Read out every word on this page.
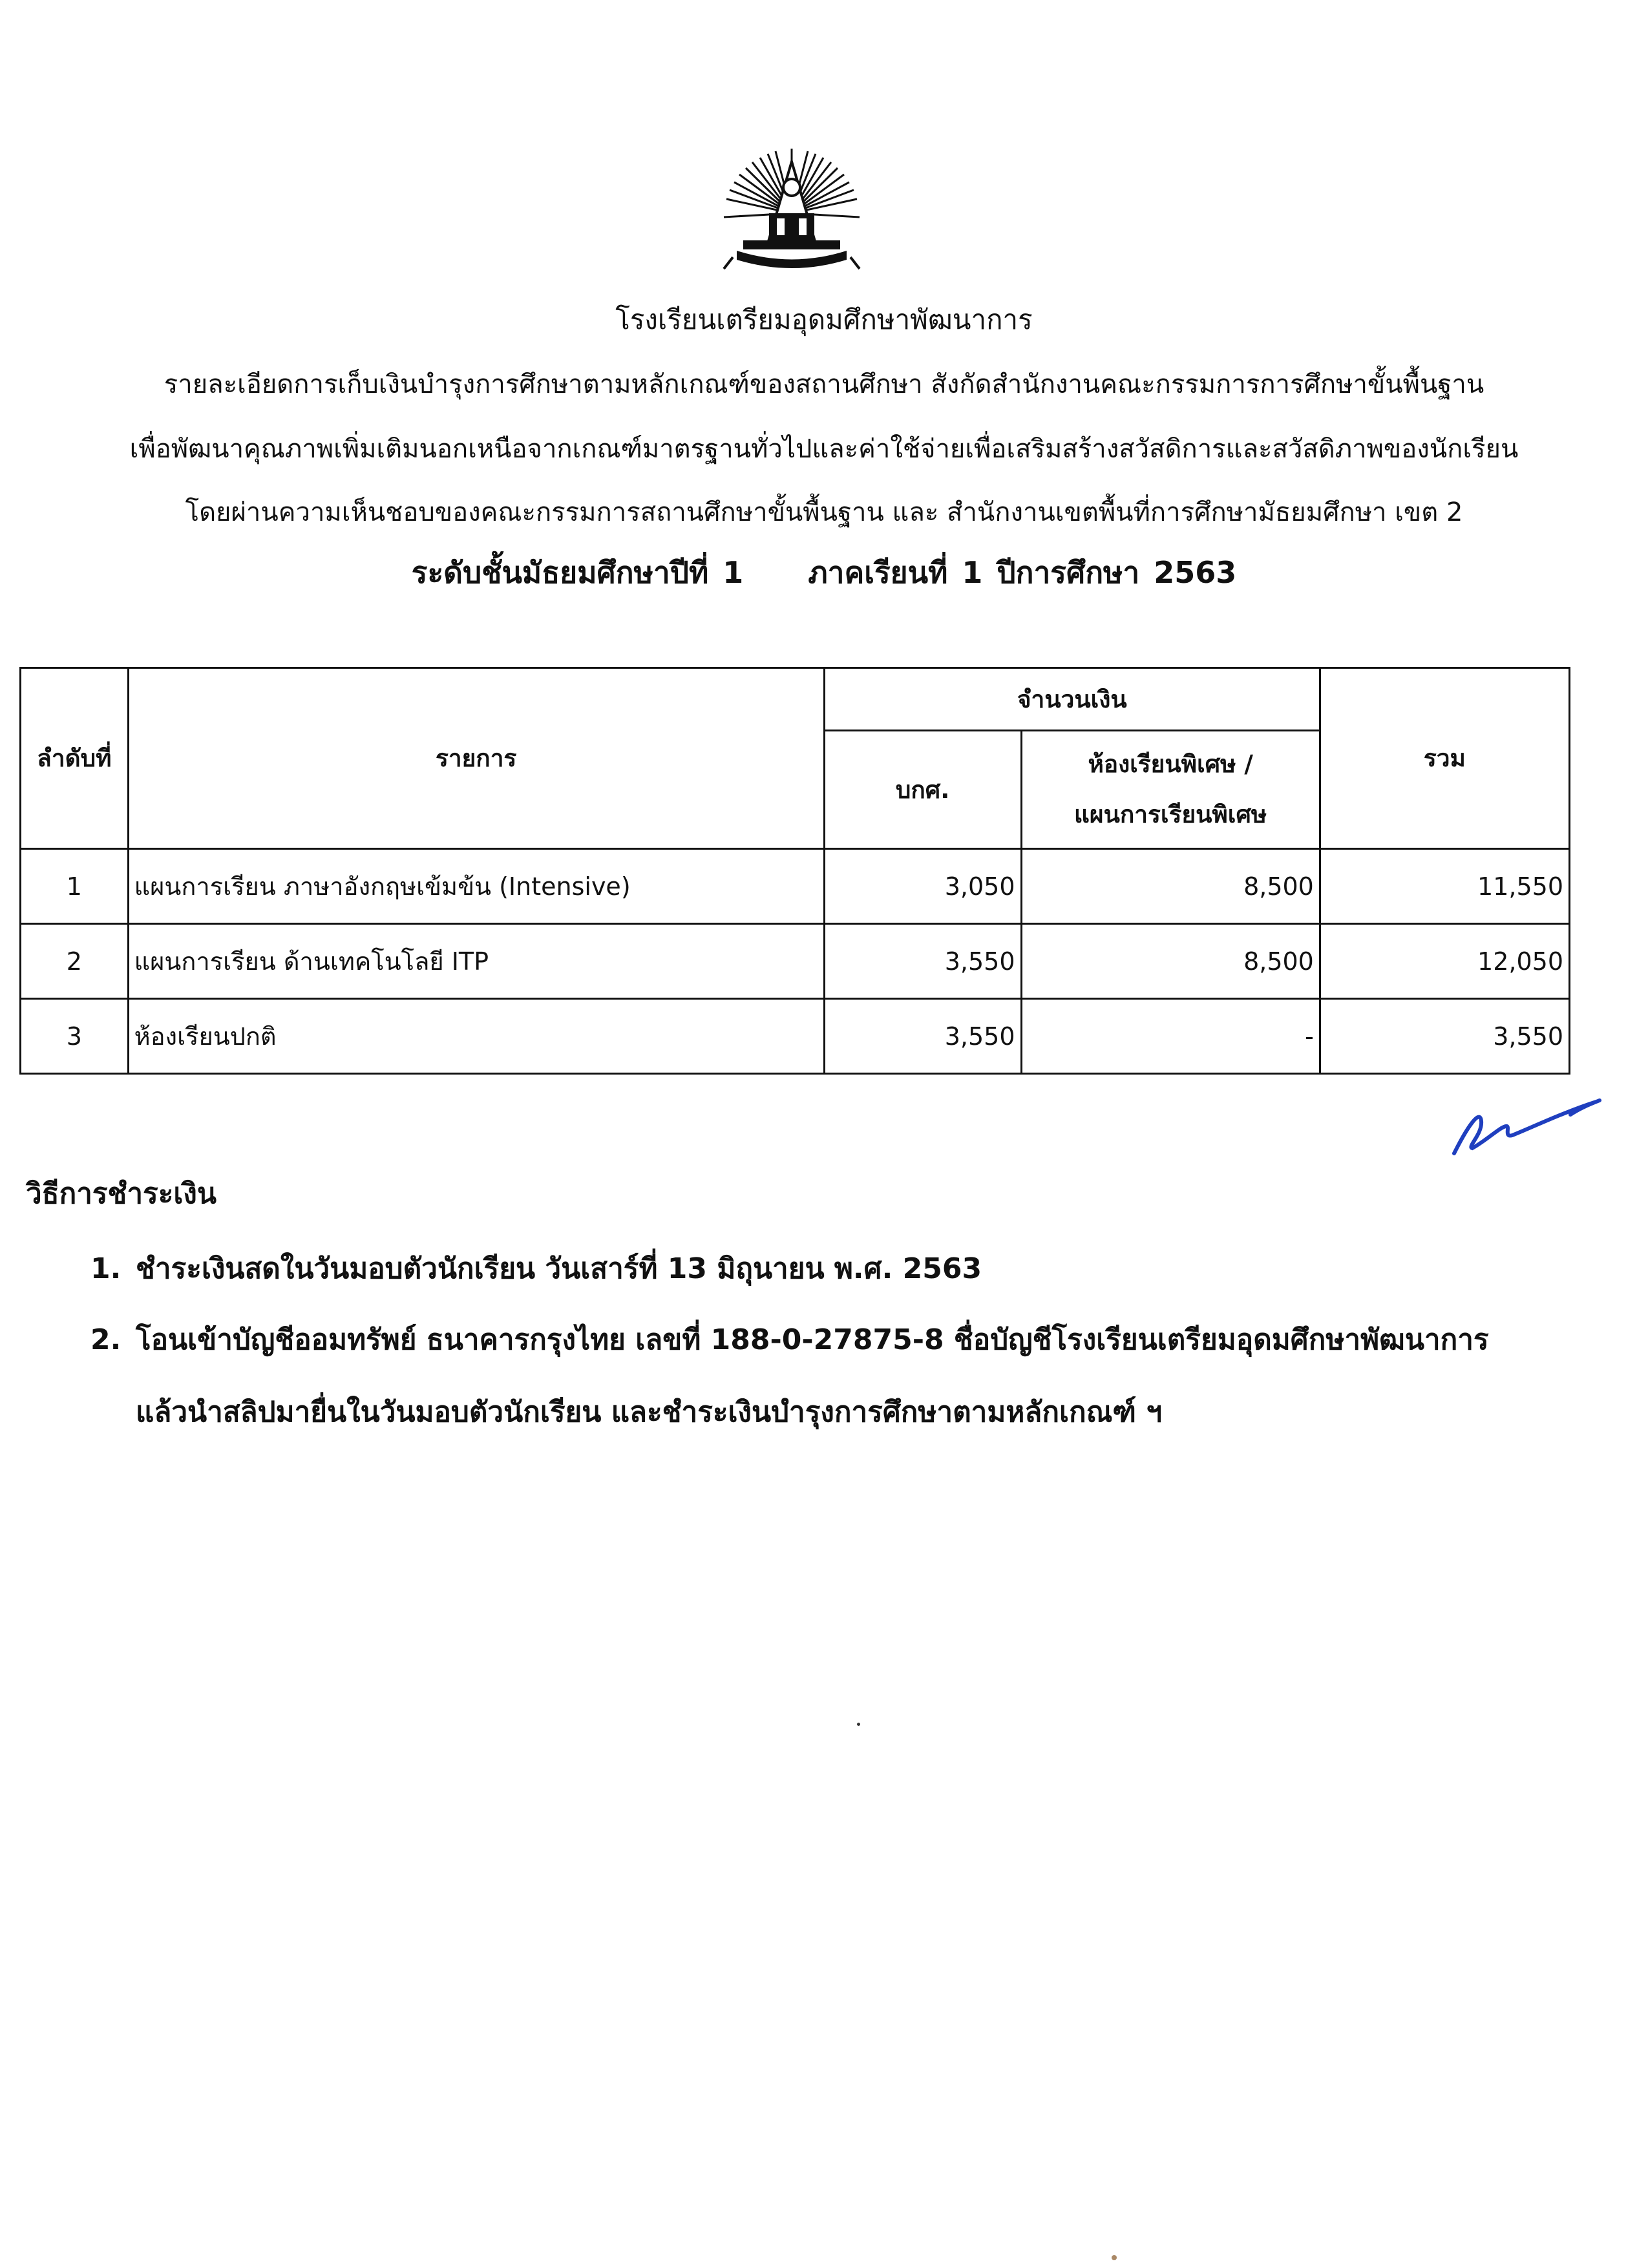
โรงเรียนเตรียมอุดมศึกษาพัฒนาการ
รายละเอียดการเก็บเงินบำรุงการศึกษาตามหลักเกณฑ์ของสถานศึกษา สังกัดสำนักงานคณะกรรมการการศึกษาขั้นพื้นฐาน
เพื่อพัฒนาคุณภาพเพิ่มเติมนอกเหนือจากเกณฑ์มาตรฐานทั่วไปและค่าใช้จ่ายเพื่อเสริมสร้างสวัสดิการและสวัสดิภาพของนักเรียน
โดยผ่านความเห็นชอบของคณะกรรมการสถานศึกษาขั้นพื้นฐาน และ สำนักงานเขตพื้นที่การศึกษามัธยมศึกษา เขต 2
ระดับชั้นมัธยมศึกษาปีที่ 1 ภาคเรียนที่ 1 ปีการศึกษา 2563
ลำดับที่	รายการ	จำนวนเงิน		รวม
		บกศ.	ห้องเรียนพิเศษ /
แผนการเรียนพิเศษ	

1	แผนการเรียน ภาษาอังกฤษเข้มข้น (Intensive)	3,050	8,500	11,550
2	แผนการเรียน ด้านเทคโนโลยี ITP	3,550	8,500	12,050
3	ห้องเรียนปกติ	3,550	-	3,550
วิธีการชำระเงิน
1. ชำระเงินสดในวันมอบตัวนักเรียน วันเสาร์ที่ 13 มิถุนายน พ.ศ. 2563
2. โอนเข้าบัญชีออมทรัพย์ ธนาคารกรุงไทย เลขที่ 188-0-27875-8 ชื่อบัญชีโรงเรียนเตรียมอุดมศึกษาพัฒนาการ
แล้วนำสลิปมายื่นในวันมอบตัวนักเรียน และชำระเงินบำรุงการศึกษาตามหลักเกณฑ์ ฯ
